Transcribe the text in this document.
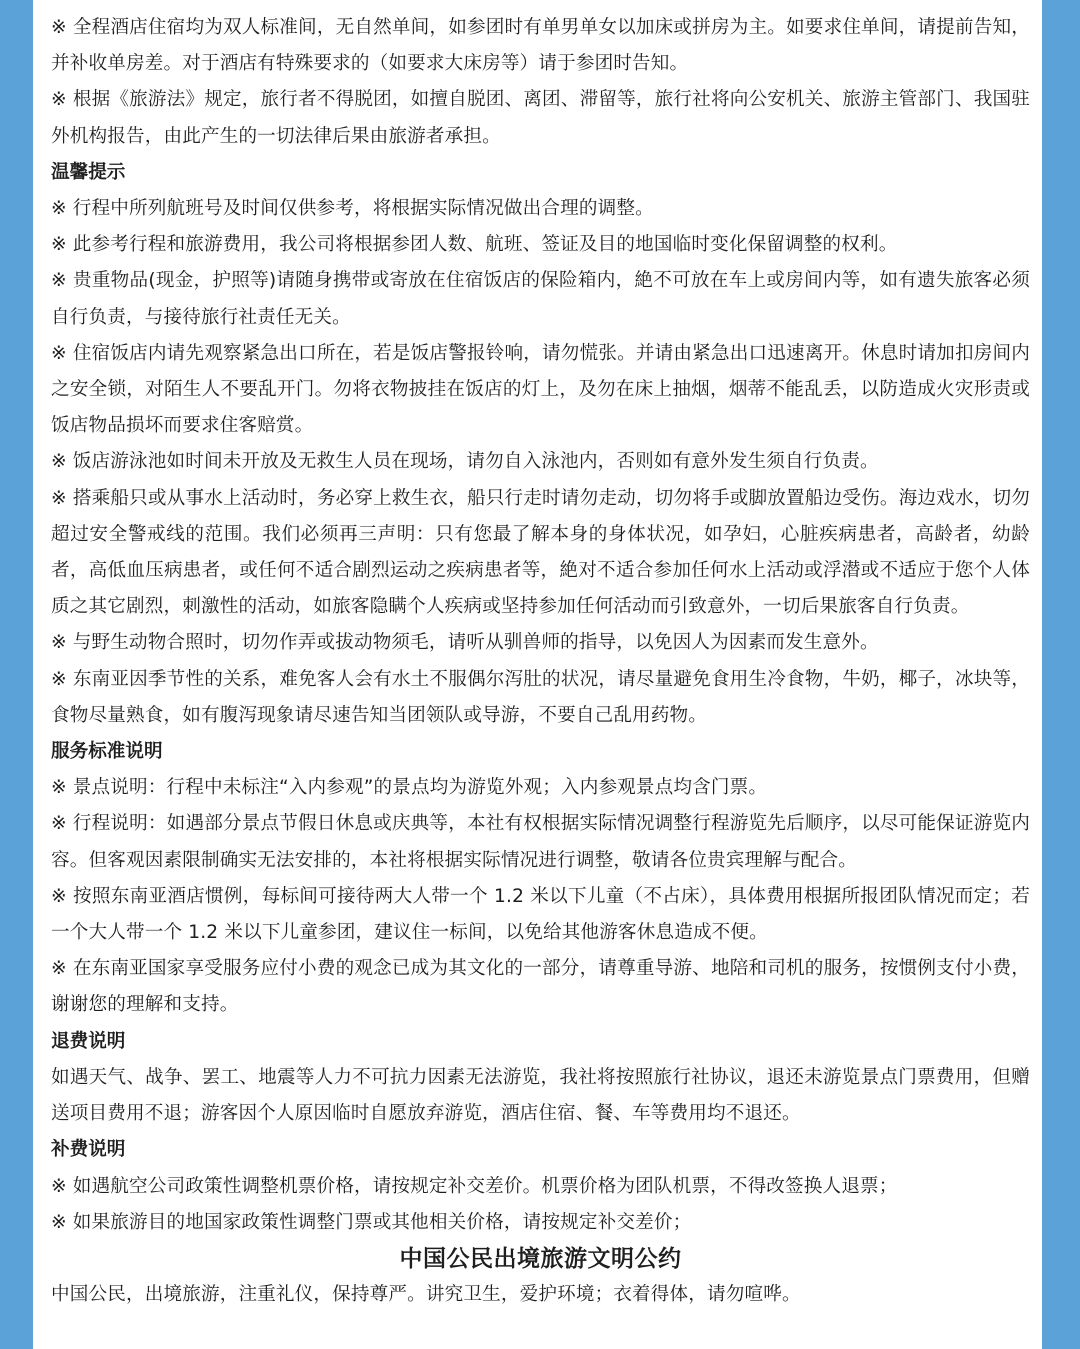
※ 全程酒店住宿均为双人标准间，无自然单间，如参团时有单男单女以加床或拼房为主。如要求住单间，请提前告知，并补收单房差。对于酒店有特殊要求的（如要求大床房等）请于参团时告知。

※ 根据《旅游法》规定，旅行者不得脱团，如擅自脱团、离团、滞留等，旅行社将向公安机关、旅游主管部门、我国驻外机构报告，由此产生的一切法律后果由旅游者承担。

温馨提示

※ 行程中所列航班号及时间仅供参考，将根据实际情况做出合理的调整。

※ 此参考行程和旅游费用，我公司将根据参团人数、航班、签证及目的地国临时变化保留调整的权利。

※ 贵重物品(现金，护照等)请随身携带或寄放在住宿饭店的保险箱内，絶不可放在车上或房间内等，如有遗失旅客必须自行负责，与接待旅行社责任无关。

※ 住宿饭店内请先观察紧急出口所在，若是饭店警报铃响，请勿慌张。并请由紧急出口迅速离开。休息时请加扣房间内之安全锁，对陌生人不要乱开门。勿将衣物披挂在饭店的灯上，及勿在床上抽烟，烟蒂不能乱丢，以防造成火灾形责或饭店物品损坏而要求住客赔赏。

※ 饭店游泳池如时间未开放及无救生人员在现场，请勿自入泳池内，否则如有意外发生须自行负责。

※ 搭乘船只或从事水上活动时，务必穿上救生衣，船只行走时请勿走动，切勿将手或脚放置船边受伤。海边戏水，切勿超过安全警戒线的范围。我们必须再三声明：只有您最了解本身的身体状况，如孕妇，心脏疾病患者，高龄者，幼龄者，高低血压病患者，或任何不适合剧烈运动之疾病患者等，絶对不适合参加任何水上活动或浮潜或不适应于您个人体质之其它剧烈，刺激性的活动，如旅客隐瞒个人疾病或坚持参加任何活动而引致意外，一切后果旅客自行负责。

※ 与野生动物合照时，切勿作弄或拔动物须毛，请听从驯兽师的指导，以免因人为因素而发生意外。

※ 东南亚因季节性的关系，难免客人会有水土不服偶尔泻肚的状况，请尽量避免食用生冷食物，牛奶，椰子，冰块等，食物尽量熟食，如有腹泻现象请尽速告知当团领队或导游，不要自己乱用药物。

服务标准说明

※ 景点说明：行程中未标注“入内参观”的景点均为游览外观；入内参观景点均含门票。

※ 行程说明：如遇部分景点节假日休息或庆典等，本社有权根据实际情况调整行程游览先后顺序，以尽可能保证游览内容。但客观因素限制确实无法安排的，本社将根据实际情况进行调整，敬请各位贵宾理解与配合。

※ 按照东南亚酒店惯例，每标间可接待两大人带一个 1.2 米以下儿童（不占床），具体费用根据所报团队情况而定；若一个大人带一个 1.2 米以下儿童参团，建议住一标间，以免给其他游客休息造成不便。

※ 在东南亚国家享受服务应付小费的观念已成为其文化的一部分，请尊重导游、地陪和司机的服务，按惯例支付小费，谢谢您的理解和支持。

退费说明

如遇天气、战争、罢工、地震等人力不可抗力因素无法游览，我社将按照旅行社协议，退还未游览景点门票费用，但赠送项目费用不退；游客因个人原因临时自愿放弃游览，酒店住宿、餐、车等费用均不退还。

补费说明

※ 如遇航空公司政策性调整机票价格，请按规定补交差价。机票价格为团队机票，不得改签换人退票；

※ 如果旅游目的地国家政策性调整门票或其他相关价格，请按规定补交差价；

中国公民出境旅游文明公约

中国公民，出境旅游，注重礼仪，保持尊严。讲究卫生，爱护环境；衣着得体，请勿喧哗。
